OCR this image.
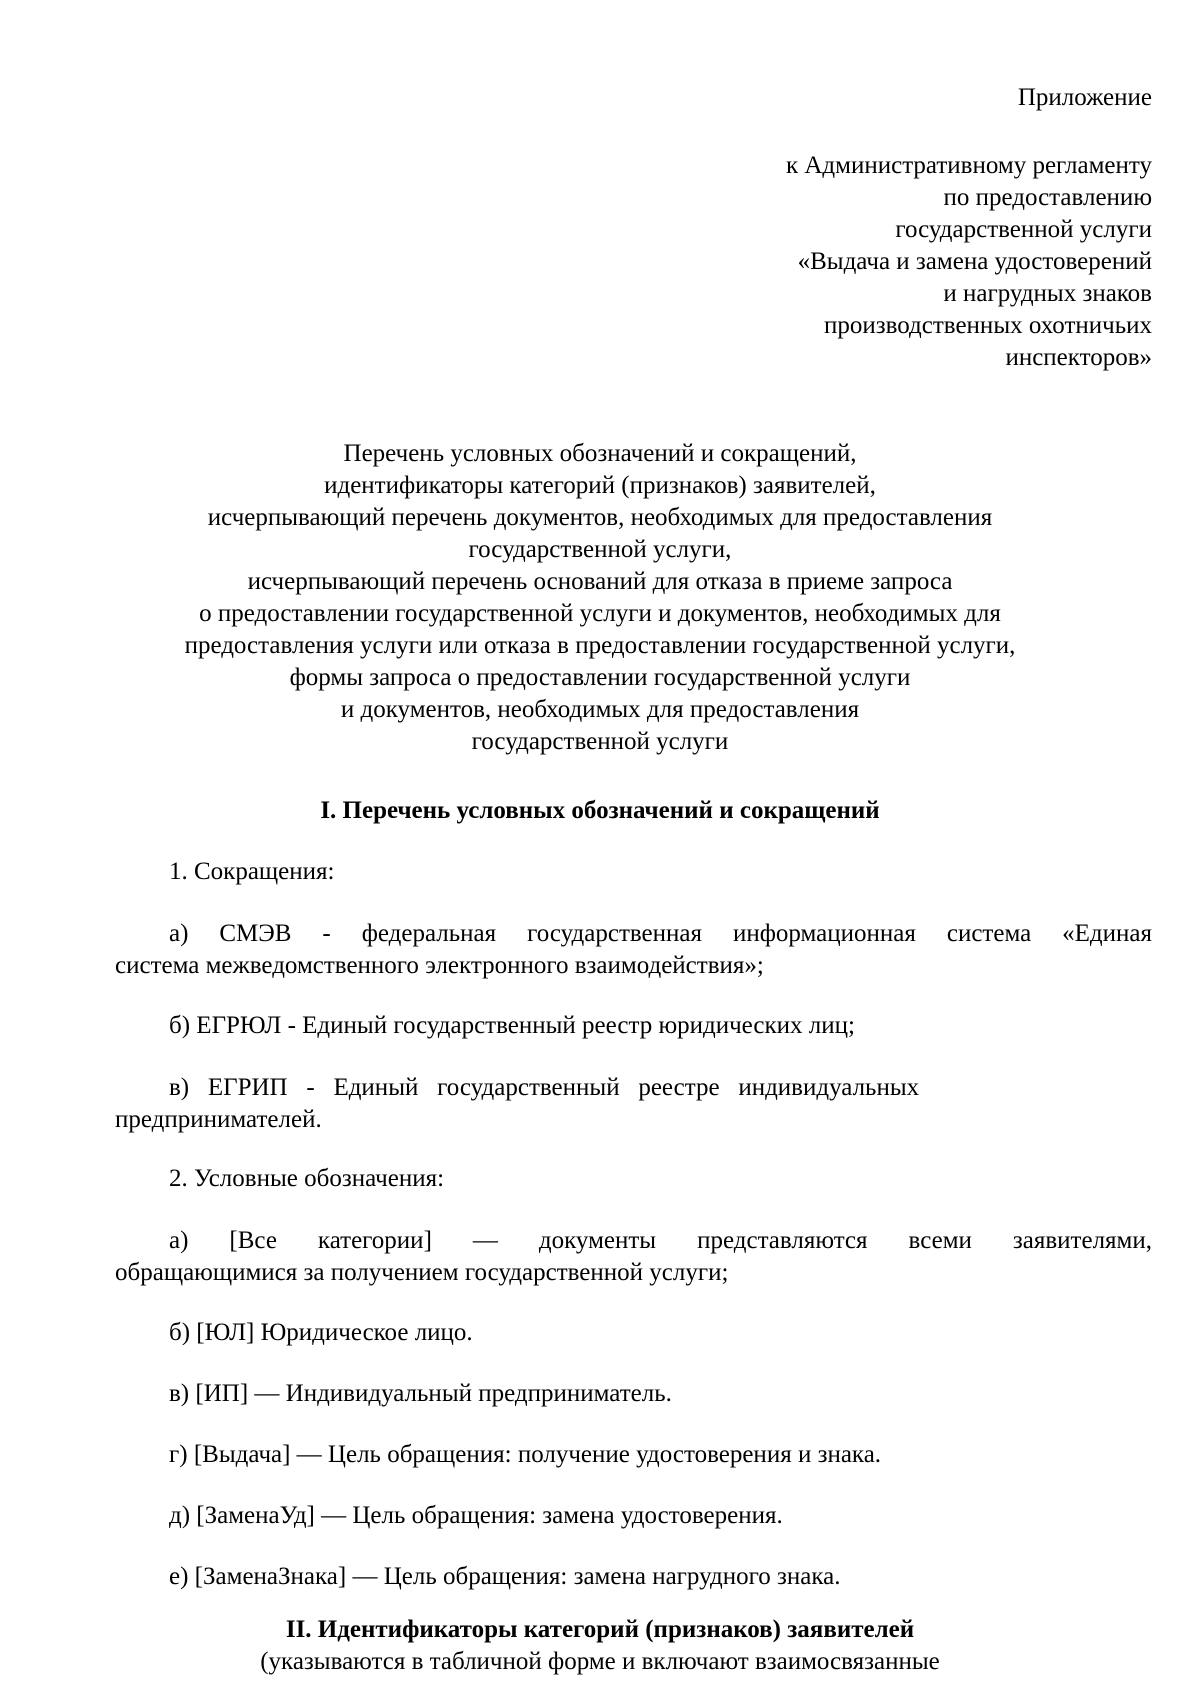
Приложение
к Административному регламенту
по предоставлению
государственной услуги
«Выдача и замена удостоверений
и нагрудных знаков
производственных охотничьих
инспекторов»
Перечень условных обозначений и сокращений,
идентификаторы категорий (признаков) заявителей,
исчерпывающий перечень документов, необходимых для предоставления
государственной услуги,
исчерпывающий перечень оснований для отказа в приеме запроса
о предоставлении государственной услуги и документов, необходимых для
предоставления услуги или отказа в предоставлении государственной услуги,
формы запроса о предоставлении государственной услуги
и документов, необходимых для предоставления
государственной услуги
I. Перечень условных обозначений и сокращений
1. Сокращения:
а) СМЭВ - федеральная государственная информационная система «Единая
система межведомственного электронного взаимодействия»;
б) ЕГРЮЛ - Единый государственный реестр юридических лиц;
в)   ЕГРИП   -   Единый   государственный   реестре   индивидуальных
предпринимателей.
2. Условные обозначения:
а) [Все категории] — документы представляются всеми заявителями,
обращающимися за получением государственной услуги;
б) [ЮЛ] Юридическое лицо.
в) [ИП] — Индивидуальный предприниматель.
г) [Выдача] — Цель обращения: получение удостоверения и знака.
д) [ЗаменаУд] — Цель обращения: замена удостоверения.
е) [ЗаменаЗнака] — Цель обращения: замена нагрудного знака.
II. Идентификаторы категорий (признаков) заявителей
(указываются в табличной форме и включают взаимосвязанные
